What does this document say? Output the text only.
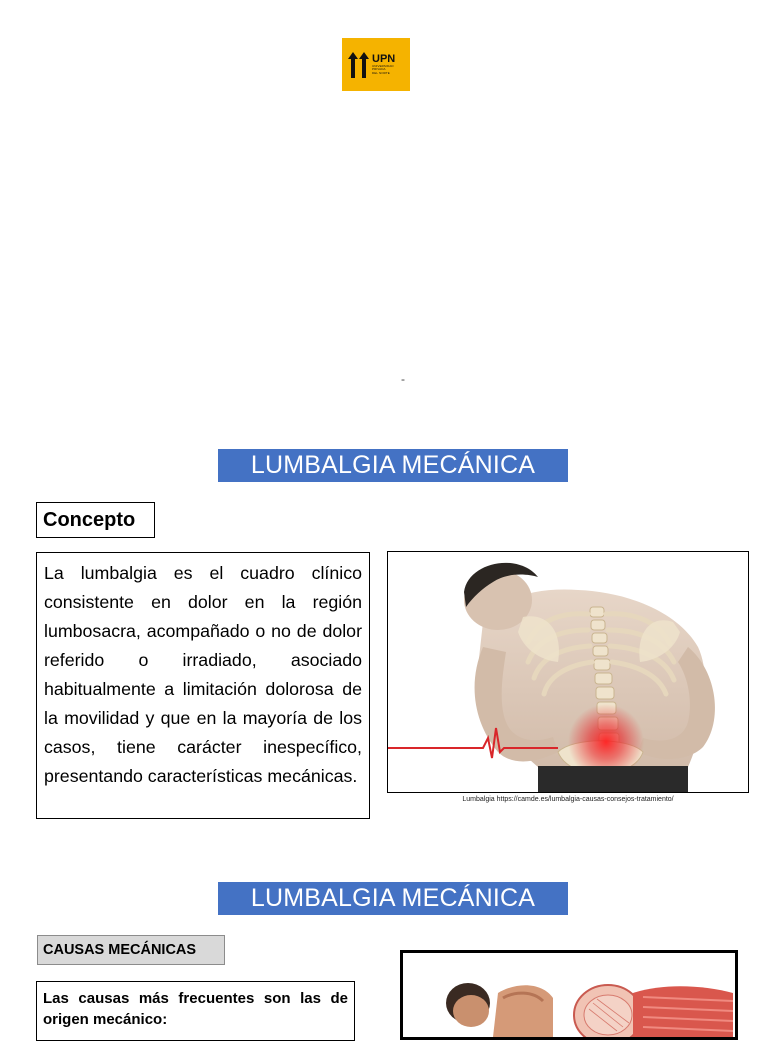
UPN
UNIVERSIDAD
PRIVADA
DEL NORTE
-
LUMBALGIA MECÁNICA
Concepto
La lumbalgia es el cuadro clínico consistente en dolor en la región lumbosacra, acompañado o no de dolor referido o irradiado, asociado habitualmente a limitación dolorosa de la movilidad y que en la mayoría de los casos, tiene carácter inespecífico, presentando características mecánicas.
Lumbalgia https://camde.es/lumbalgia-causas-consejos-tratamiento/
LUMBALGIA MECÁNICA
CAUSAS MECÁNICAS
Las causas más frecuentes son las de origen mecánico:
